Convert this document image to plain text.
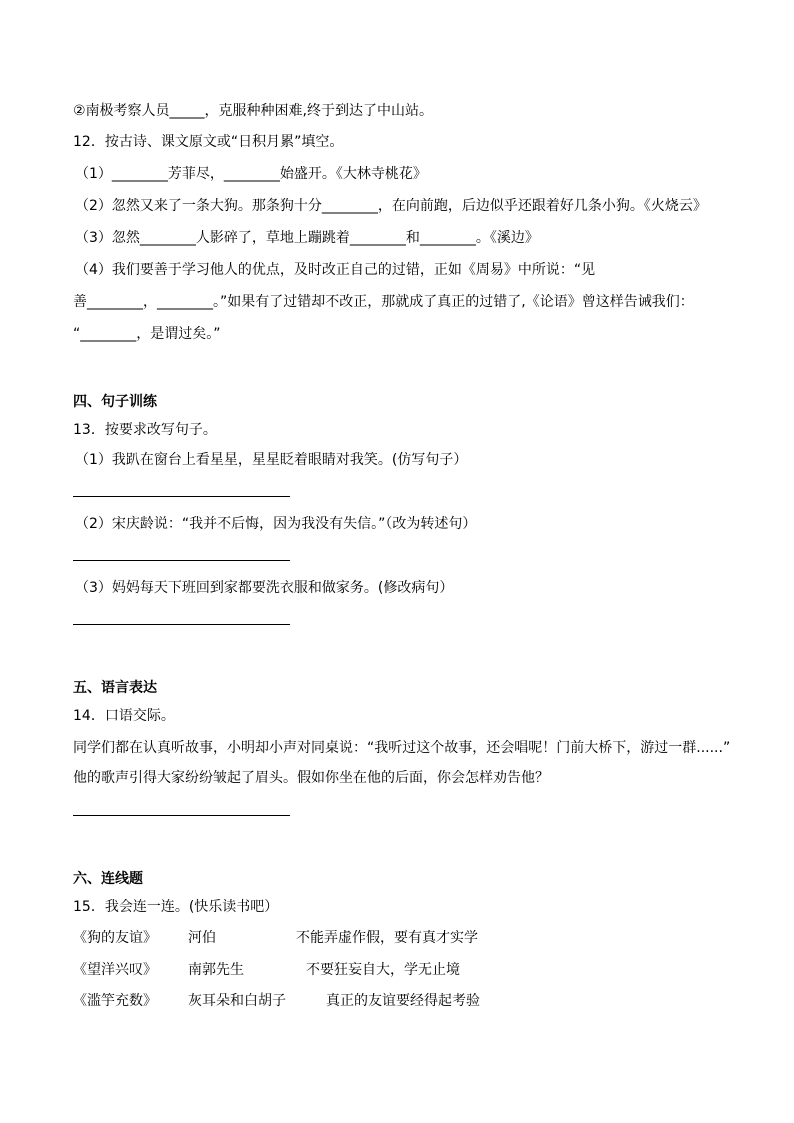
②南极考察人员_____，克服种种困难,终于到达了中山站。
12．按古诗、课文原文或“日积月累”填空。
（1）________芳菲尽，________始盛开。《大林寺桃花》
（2）忽然又来了一条大狗。那条狗十分________，在向前跑，后边似乎还跟着好几条小狗。《火烧云》
（3）忽然________人影碎了，草地上蹦跳着________和________。《溪边》
（4）我们要善于学习他人的优点，及时改正自己的过错，正如《周易》中所说：“见
善________，________。”如果有了过错却不改正，那就成了真正的过错了,《论语》曾这样告诫我们：
“________，是谓过矣。”
四、句子训练
13．按要求改写句子。
（1）我趴在窗台上看星星，星星眨着眼睛对我笑。(仿写句子）
（2）宋庆龄说：“我并不后悔，因为我没有失信。”（改为转述句）
（3）妈妈每天下班回到家都要洗衣服和做家务。(修改病句）
五、语言表达
14．口语交际。
同学们都在认真听故事，小明却小声对同桌说：“我听过这个故事，还会唱呢！门前大桥下，游过一群......”
他的歌声引得大家纷纷皱起了眉头。假如你坐在他的后面，你会怎样劝告他？
六、连线题
15．我会连一连。(快乐读书吧）
《狗的友谊》 河伯	不能弄虚作假，要有真才实学
《望洋兴叹》 南郭先生	不要狂妄自大，学无止境
《滥竽充数》 灰耳朵和白胡子	真正的友谊要经得起考验
